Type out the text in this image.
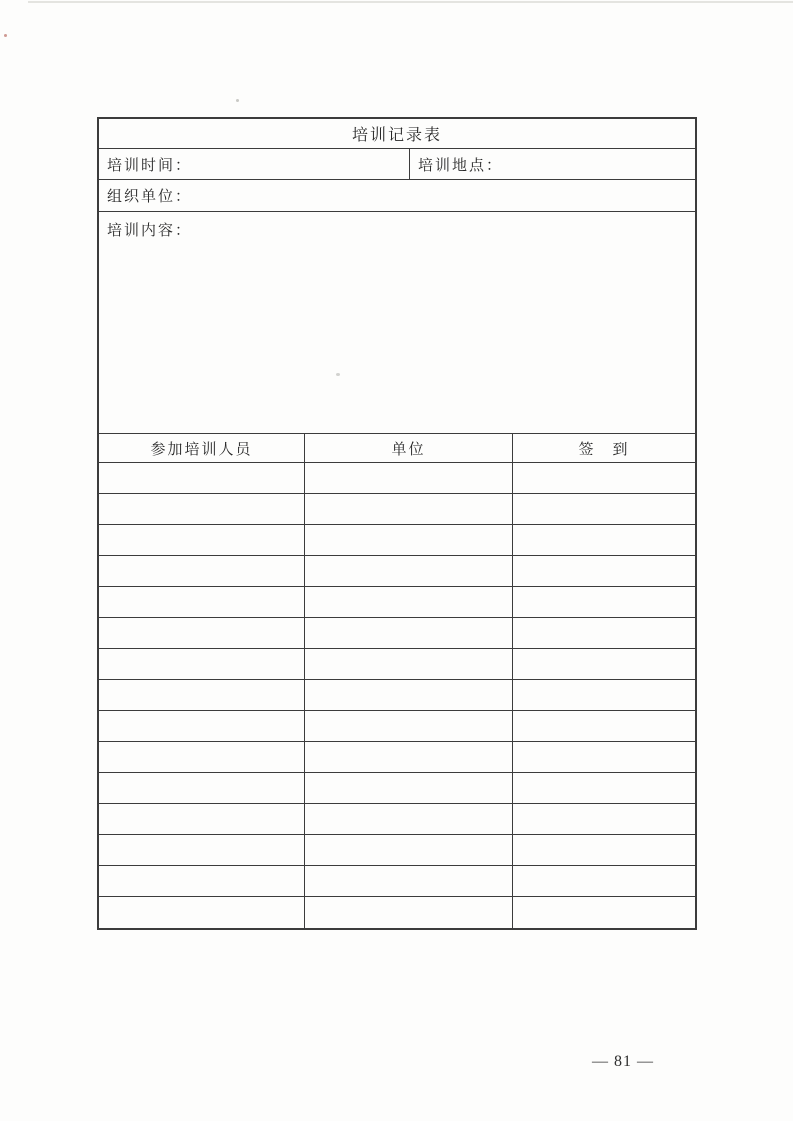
培训记录表
培训时间：	培训地点：
组织单位：
培训内容：
参加培训人员	单位	签　到
— 81 —
